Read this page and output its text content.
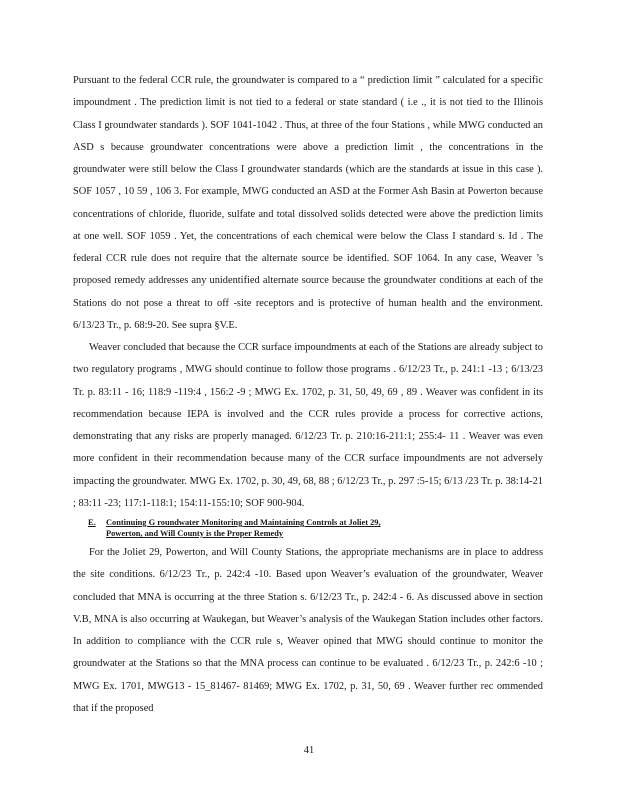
Pursuant to the federal CCR rule, the groundwater is compared to a “ prediction limit ” calculated for a specific impoundment . The prediction limit is not tied to a federal or state standard ( i.e ., it is not tied to the Illinois Class I groundwater standards ). SOF 1041-1042 . Thus, at three of the four Stations , while MWG conducted an ASD s because groundwater concentrations were above a prediction limit , the concentrations in the groundwater were still below the Class I groundwater standards (which are the standards at issue in this case ). SOF 1057 , 10 59 , 106 3. For example, MWG conducted an ASD at the Former Ash Basin at Powerton because concentrations of chloride, fluoride, sulfate and total dissolved solids detected were above the prediction limits at one well. SOF 1059 . Yet, the concentrations of each chemical were below the Class I standard s. Id . The federal CCR rule does not require that the alternate source be identified. SOF 1064. In any case, Weaver ’s proposed remedy addresses any unidentified alternate source because the groundwater conditions at each of the Stations do not pose a threat to off -site receptors and is protective of human health and the environment. 6/13/23 Tr., p. 68:9-20. See supra §V.E.

Weaver concluded that because the CCR surface impoundments at each of the Stations are already subject to two regulatory programs , MWG should continue to follow those programs . 6/12/23 Tr., p. 241:1 -13 ; 6/13/23 Tr. p. 83:11 - 16; 118:9 -119:4 , 156:2 -9 ; MWG Ex. 1702, p. 31, 50, 49, 69 , 89 . Weaver was confident in its recommendation because IEPA is involved and the CCR rules provide a process for corrective actions, demonstrating that any risks are properly managed. 6/12/23 Tr. p. 210:16-211:1; 255:4- 11 . Weaver was even more confident in their recommendation because many of the CCR surface impoundments are not adversely impacting the groundwater. MWG Ex. 1702, p. 30, 49, 68, 88 ; 6/12/23 Tr., p. 297 :5-15; 6/13 /23 Tr. p. 38:14-21 ; 83:11 -23; 117:1-118:1; 154:11-155:10; SOF 900-904.

E.	Continuing G roundwater Monitoring and Maintaining Controls at Joliet 29,
Powerton, and Will County is the Proper Remedy

For the Joliet 29, Powerton, and Will County Stations, the appropriate mechanisms are in place to address the site conditions. 6/12/23 Tr., p. 242:4 -10. Based upon Weaver’s evaluation of the groundwater, Weaver concluded that MNA is occurring at the three Station s. 6/12/23 Tr., p. 242:4 - 6. As discussed above in section V.B, MNA is also occurring at Waukegan, but Weaver’s analysis of the Waukegan Station includes other factors. In addition to compliance with the CCR rule s, Weaver opined that MWG should continue to monitor the groundwater at the Stations so that the MNA process can continue to be evaluated . 6/12/23 Tr., p. 242:6 -10 ; MWG Ex. 1701, MWG13 - 15_81467- 81469; MWG Ex. 1702, p. 31, 50, 69 . Weaver further rec ommended that if the proposed

41
